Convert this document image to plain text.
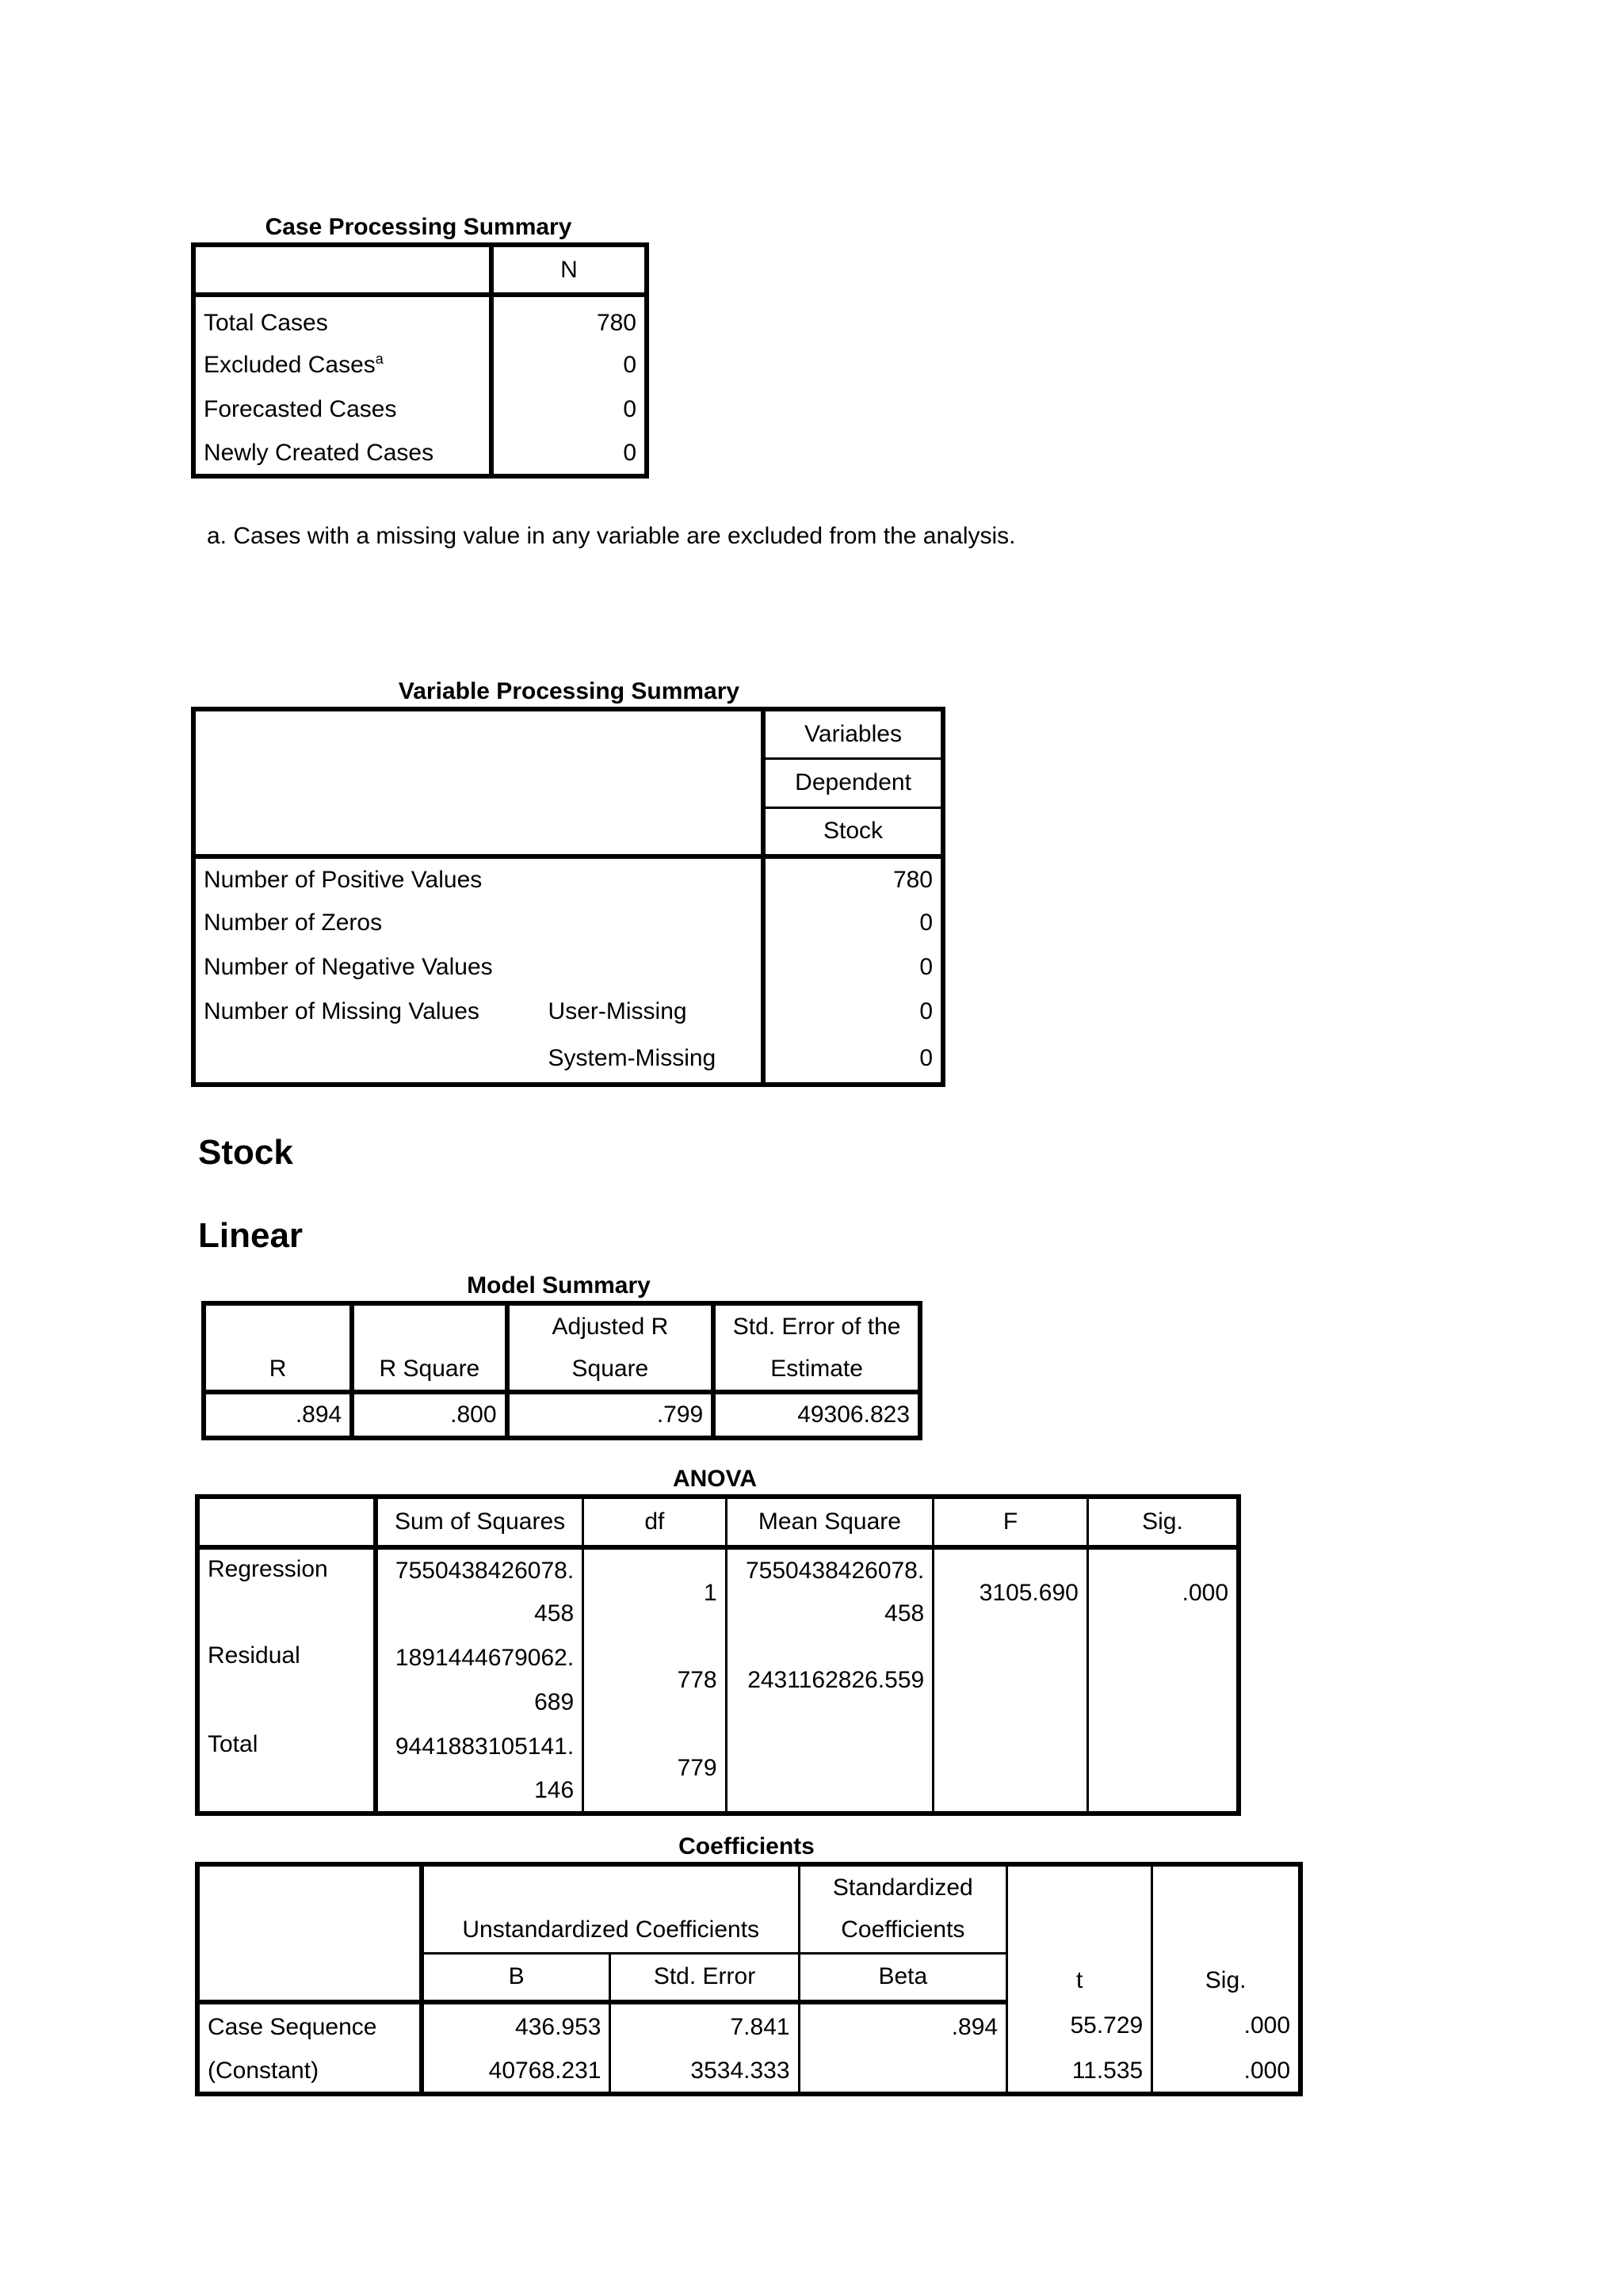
Case Processing Summary
	N
Total Cases	780
Excluded Cases$^a$	0
Forecasted Cases	0
Newly Created Cases	0
a. Cases with a missing value in any variable are excluded from the analysis.
Variable Processing Summary
		Variables
		Dependent
		Stock
Number of Positive Values		780
Number of Zeros		0
Number of Negative Values		0
Number of Missing Values	User-Missing	0
	System-Missing	0
Stock
Linear
Model Summary
		Adjusted R	Std. Error of the
R	R Square	Square	Estimate
.894	.800	.799	49306.823
ANOVA
	Sum of Squares	df	Mean Square	F	Sig.
Regression	7550438426078.	1	7550438426078.	3105.690	.000
	458		458		
Residual	1891444679062.	778	2431162826.559		
	689				
Total	9441883105141.	779			
	146				
Coefficients
			Standardized	t	Sig.

	Unstandardized Coefficients		Coefficients		
	B	Std. Error	Beta		
Case Sequence	436.953	7.841	.894	55.729	.000
(Constant)	40768.231	3534.333		11.535	.000
